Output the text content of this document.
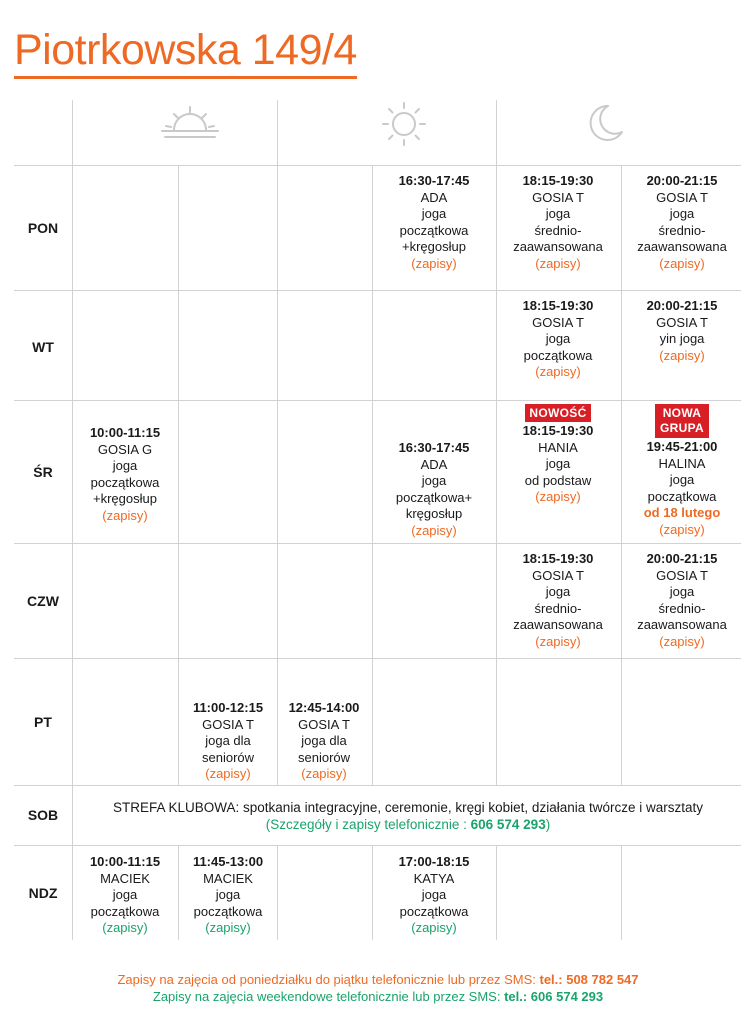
Piotrkowska 149/4
PON
WT
ŚR
CZW
PT
SOB
NDZ
16:30-17:45
ADA
joga
początkowa
+kręgosłup
(zapisy)
18:15-19:30
GOSIA T
joga
średnio-
zaawansowana
(zapisy)
20:00-21:15
GOSIA T
joga
średnio-
zaawansowana
(zapisy)
18:15-19:30
GOSIA T
joga
początkowa
(zapisy)
20:00-21:15
GOSIA T
yin joga
(zapisy)
10:00-11:15
GOSIA G
joga
początkowa
+kręgosłup
(zapisy)
16:30-17:45
ADA
joga
początkowa+
kręgosłup
(zapisy)
NOWOŚĆ
18:15-19:30
HANIA
joga
od podstaw
(zapisy)
NOWA
GRUPA
19:45-21:00
HALINA
joga
początkowa
od 18 lutego
(zapisy)
18:15-19:30
GOSIA T
joga
średnio-
zaawansowana
(zapisy)
20:00-21:15
GOSIA T
joga
średnio-
zaawansowana
(zapisy)
11:00-12:15
GOSIA T
joga dla
seniorów
(zapisy)
12:45-14:00
GOSIA T
joga dla
seniorów
(zapisy)
STREFA KLUBOWA: spotkania integracyjne, ceremonie, kręgi kobiet, działania twórcze i warsztaty
(Szczegóły i zapisy telefonicznie : 606 574 293)
10:00-11:15
MACIEK
joga
początkowa
(zapisy)
11:45-13:00
MACIEK
joga
początkowa
(zapisy)
17:00-18:15
KATYA
joga
początkowa
(zapisy)
Zapisy na zajęcia od poniedziałku do piątku telefonicznie lub przez SMS: tel.: 508 782 547
Zapisy na zajęcia weekendowe telefonicznie lub przez SMS: tel.: 606 574 293
